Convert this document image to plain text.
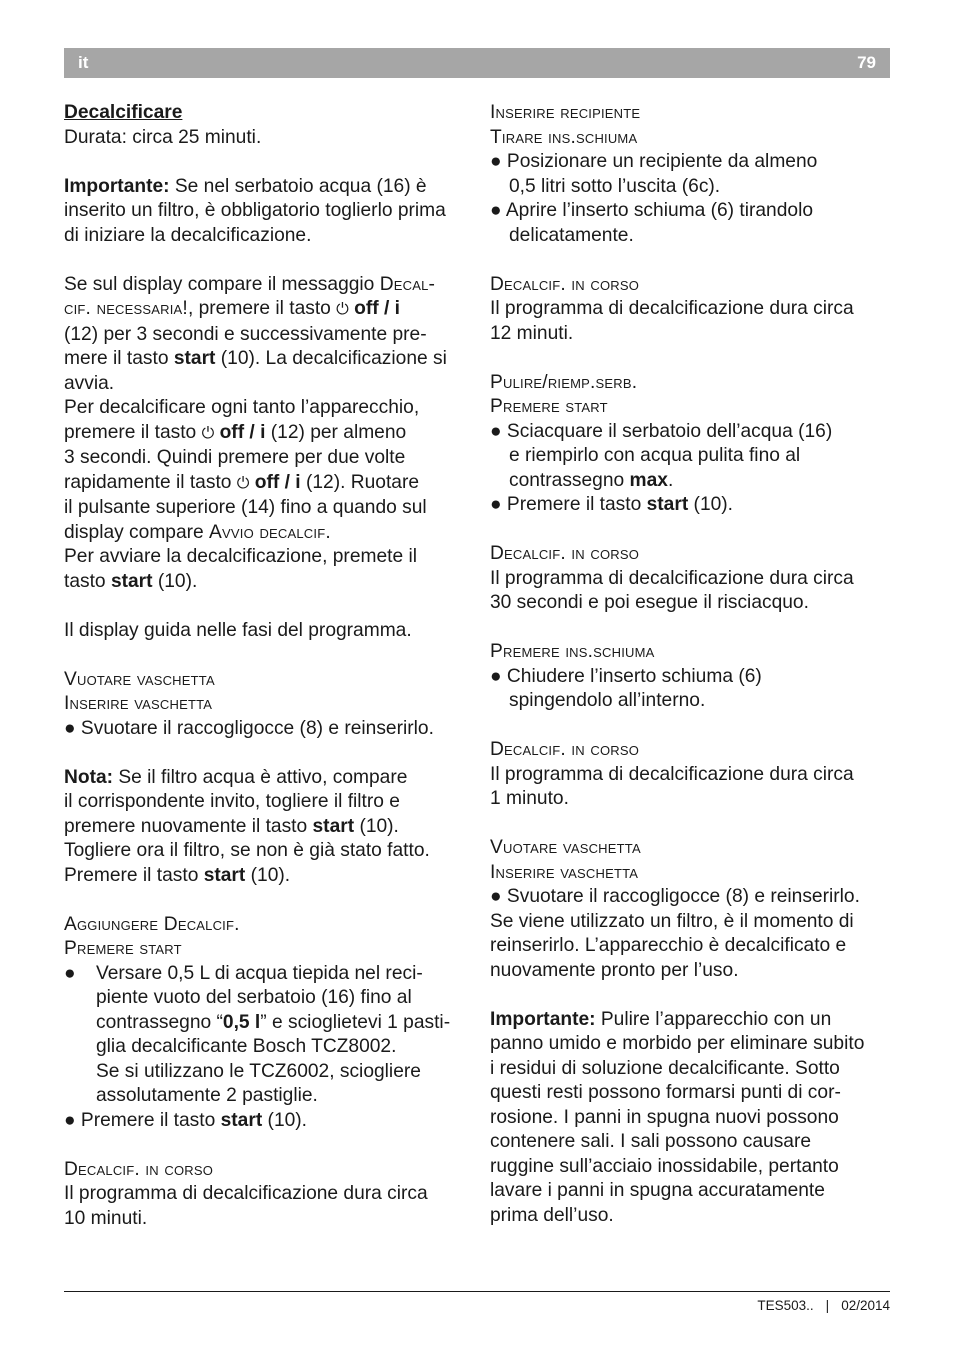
it	79

Decalcificare

Durata: circa 25 minuti.

Importante: Se nel serbatoio acqua (16) è inserito un filtro, è obbligatorio toglierlo prima di iniziare la decalcificazione.

Se sul display compare il messaggio Decal-
cif. necessaria!, premere il tasto ⏻ off / i
(12) per 3 secondi e successivamente pre-
mere il tasto start (10). La decalcificazione si avvia.

Per decalcificare ogni tanto l’apparecchio,
premere il tasto ⏻ off / i (12) per almeno
3 secondi. Quindi premere per due volte
rapidamente il tasto ⏻ off / i (12). Ruotare
il pulsante superiore (14) fino a quando sul
display compare Avvio decalcif.

Per avviare la decalcificazione, premete il
tasto start (10).

Il display guida nelle fasi del programma.

Vuotare vaschetta

Inserire vaschetta

● Svuotare il raccogligocce (8) e reinserirlo.

Nota: Se il filtro acqua è attivo, compare
il corrispondente invito, togliere il filtro e
premere nuovamente il tasto start (10).
Togliere ora il filtro, se non è già stato fatto.
Premere il tasto start (10).

Aggiungere Decalcif.

Premere start

● Versare 0,5 L di acqua tiepida nel reci-

piente vuoto del serbatoio (16) fino al
contrassegno “0,5 l” e scioglietevi 1 pasti-
glia decalcificante Bosch TCZ8002.
Se si utilizzano le TCZ6002, sciogliere
assolutamente 2 pastiglie.

● Premere il tasto start (10).

Decalcif. in corso

Il programma di decalcificazione dura circa
10 minuti.

Inserire recipiente

Tirare ins.schiuma

● Posizionare un recipiente da almeno
0,5 litri sotto l’uscita (6c).

● Aprire l’inserto schiuma (6) tirandolo
delicatamente.

Decalcif. in corso

Il programma di decalcificazione dura circa
12 minuti.

Pulire/riemp.serb.

Premere start

● Sciacquare il serbatoio dell’acqua (16)
e riempirlo con acqua pulita fino al
contrassegno max.

● Premere il tasto start (10).

Decalcif. in corso

Il programma di decalcificazione dura circa
30 secondi e poi esegue il risciacquo.

Premere ins.schiuma

● Chiudere l’inserto schiuma (6)
spingendolo all’interno.

Decalcif. in corso

Il programma di decalcificazione dura circa
1 minuto.

Vuotare vaschetta

Inserire vaschetta

● Svuotare il raccogligocce (8) e reinserirlo.

Se viene utilizzato un filtro, è il momento di
reinserirlo. L’apparecchio è decalcificato e
nuovamente pronto per l’uso.

Importante: Pulire l’apparecchio con un
panno umido e morbido per eliminare subito
i residui di soluzione decalcificante. Sotto
questi resti possono formarsi punti di cor-
rosione. I panni in spugna nuovi possono
contenere sali. I sali possono causare
ruggine sull’acciaio inossidabile, pertanto
lavare i panni in spugna accuratamente
prima dell’uso.

TES503.. | 02/2014
